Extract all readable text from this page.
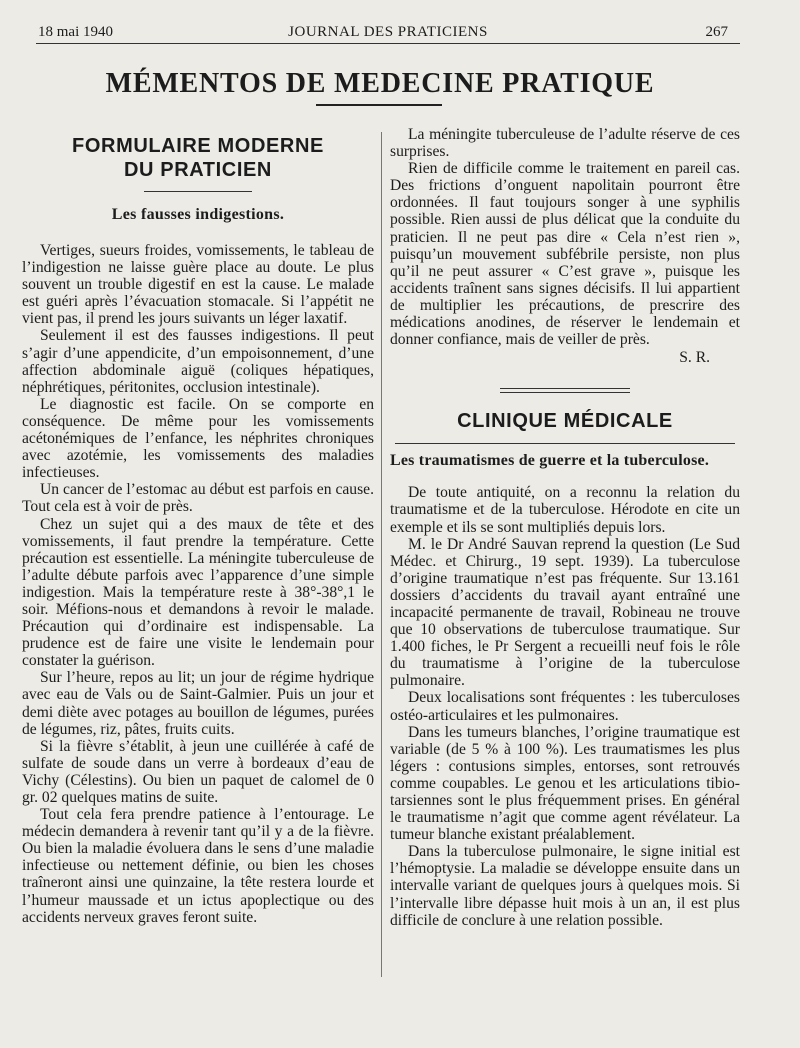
18 mai 1940	JOURNAL DES PRATICIENS	267
MÉMENTOS DE MEDECINE PRATIQUE
FORMULAIRE MODERNE
DU PRATICIEN
Les fausses indigestions.

Vertiges, sueurs froides, vomissements, le tableau de l’indigestion ne laisse guère place au doute. Le plus souvent un trouble digestif en est la cause. Le malade est guéri après l’évacuation stomacale. Si l’appétit ne vient pas, il prend les jours suivants un léger laxatif.

Seulement il est des fausses indigestions. Il peut s’agir d’une appendicite, d’un empoisonnement, d’une affection abdominale aiguë (coliques hépatiques, néphrétiques, péritonites, occlusion intestinale).

Le diagnostic est facile. On se comporte en conséquence. De même pour les vomissements acétonémiques de l’enfance, les néphrites chroniques avec azotémie, les vomissements des maladies infectieuses.

Un cancer de l’estomac au début est parfois en cause. Tout cela est à voir de près.

Chez un sujet qui a des maux de tête et des vomissements, il faut prendre la température. Cette précaution est essentielle. La méningite tuberculeuse de l’adulte débute parfois avec l’apparence d’une simple indigestion. Mais la température reste à 38°-38°,1 le soir. Méfions-nous et demandons à revoir le malade. Précaution qui d’ordinaire est indispensable. La prudence est de faire une visite le lendemain pour constater la guérison.

Sur l’heure, repos au lit; un jour de régime hydrique avec eau de Vals ou de Saint-Galmier. Puis un jour et demi diète avec potages au bouillon de légumes, purées de légumes, riz, pâtes, fruits cuits.

Si la fièvre s’établit, à jeun une cuillérée à café de sulfate de soude dans un verre à bordeaux d’eau de Vichy (Célestins). Ou bien un paquet de calomel de 0 gr. 02 quelques matins de suite.

Tout cela fera prendre patience à l’entourage. Le médecin demandera à revenir tant qu’il y a de la fièvre. Ou bien la maladie évoluera dans le sens d’une maladie infectieuse ou nettement définie, ou bien les choses traîneront ainsi une quinzaine, la tête restera lourde et l’humeur maussade et un ictus apoplectique ou des accidents nerveux graves feront suite.

La méningite tuberculeuse de l’adulte réserve de ces surprises.

Rien de difficile comme le traitement en pareil cas. Des frictions d’onguent napolitain pourront être ordonnées. Il faut toujours songer à une syphilis possible. Rien aussi de plus délicat que la conduite du praticien. Il ne peut pas dire « Cela n’est rien », puisqu’un mouvement subfébrile persiste, non plus qu’il ne peut assurer « C’est grave », puisque les accidents traînent sans signes décisifs. Il lui appartient de multiplier les précautions, de prescrire des médications anodines, de réserver le lendemain et donner confiance, mais de veiller de près.

S. R.
CLINIQUE MÉDICALE
Les traumatismes de guerre et la tuberculose.

De toute antiquité, on a reconnu la relation du traumatisme et de la tuberculose. Hérodote en cite un exemple et ils se sont multipliés depuis lors.

M. le Dr André Sauvan reprend la question (Le Sud Médec. et Chirurg., 19 sept. 1939). La tuberculose d’origine traumatique n’est pas fréquente. Sur 13.161 dossiers d’accidents du travail ayant entraîné une incapacité permanente de travail, Robineau ne trouve que 10 observations de tuberculose traumatique. Sur 1.400 fiches, le Pr Sergent a recueilli neuf fois le rôle du traumatisme à l’origine de la tuberculose pulmonaire.

Deux localisations sont fréquentes : les tuberculoses ostéo-articulaires et les pulmonaires.

Dans les tumeurs blanches, l’origine traumatique est variable (de 5 % à 100 %). Les traumatismes les plus légers : contusions simples, entorses, sont retrouvés comme coupables. Le genou et les articulations tibio-tarsiennes sont le plus fréquemment prises. En général le traumatisme n’agit que comme agent révélateur. La tumeur blanche existant préalablement.

Dans la tuberculose pulmonaire, le signe initial est l’hémoptysie. La maladie se développe ensuite dans un intervalle variant de quelques jours à quelques mois. Si l’intervalle libre dépasse huit mois à un an, il est plus difficile de conclure à une relation possible.
